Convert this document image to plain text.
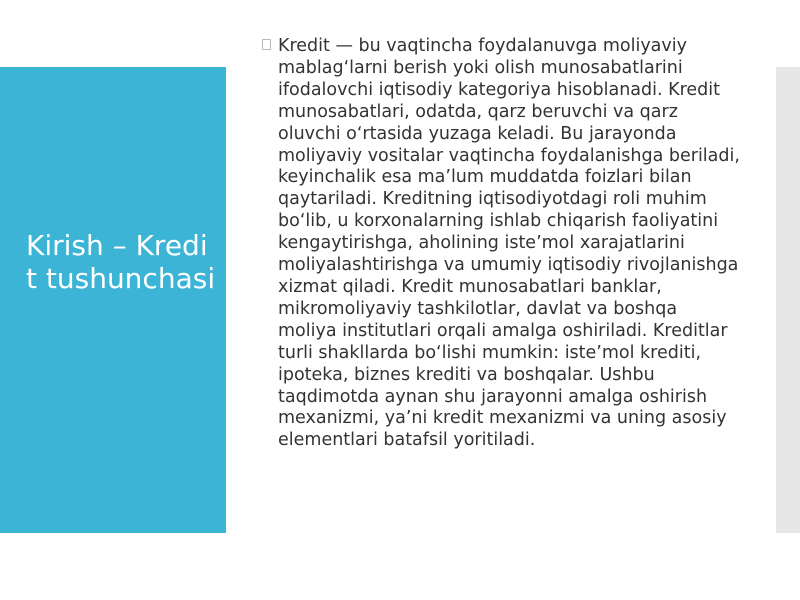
Kirish – Kredit tushunchasi

Kredit — bu vaqtincha foydalanuvga moliyaviy mablag‘larni berish yoki olish munosabatlarini ifodalovchi iqtisodiy kategoriya hisoblanadi. Kredit munosabatlari, odatda, qarz beruvchi va qarz oluvchi o‘rtasida yuzaga keladi. Bu jarayonda moliyaviy vositalar vaqtincha foydalanishga beriladi, keyinchalik esa ma’lum muddatda foizlari bilan qaytariladi. Kreditning iqtisodiyotdagi roli muhim bo‘lib, u korxonalarning ishlab chiqarish faoliyatini kengaytirishga, aholining iste’mol xarajatlarini moliyalashtirishga va umumiy iqtisodiy rivojlanishga xizmat qiladi. Kredit munosabatlari banklar, mikromoliyaviy tashkilotlar, davlat va boshqa moliya institutlari orqali amalga oshiriladi. Kreditlar turli shakllarda bo‘lishi mumkin: iste’mol krediti, ipoteka, biznes krediti va boshqalar. Ushbu taqdimotda aynan shu jarayonni amalga oshirish mexanizmi, ya’ni kredit mexanizmi va uning asosiy elementlari batafsil yoritiladi.
